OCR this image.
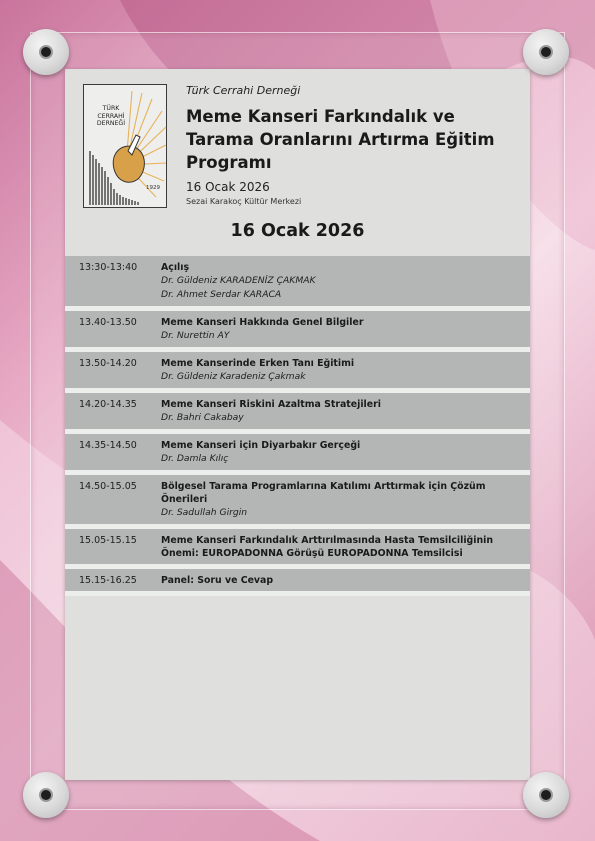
TÜRK
CERRAHİ
DERNEĞİ
1929
Türk Cerrahi Derneği
Meme Kanseri Farkındalık ve Tarama Oranlarını Artırma Eğitim Programı
16 Ocak 2026
Sezai Karakoç Kültür Merkezi
16 Ocak 2026
13:30-13:40	Açılış
Dr. Güldeniz KARADENİZ ÇAKMAK
Dr. Ahmet Serdar KARACA
13.40-13.50	Meme Kanseri Hakkında Genel Bilgiler
Dr. Nurettin AY
13.50-14.20	Meme Kanserinde Erken Tanı Eğitimi
Dr. Güldeniz Karadeniz Çakmak
14.20-14.35	Meme Kanseri Riskini Azaltma Stratejileri
Dr. Bahri Cakabay
14.35-14.50	Meme Kanseri için Diyarbakır Gerçeği
Dr. Damla Kılıç
14.50-15.05	Bölgesel Tarama Programlarına Katılımı Arttırmak için Çözüm Önerileri
Dr. Sadullah Girgin
15.05-15.15	Meme Kanseri Farkındalık Arttırılmasında Hasta Temsilciliğinin Önemi: EUROPADONNA Görüşü EUROPADONNA Temsilcisi
15.15-16.25	Panel: Soru ve Cevap
